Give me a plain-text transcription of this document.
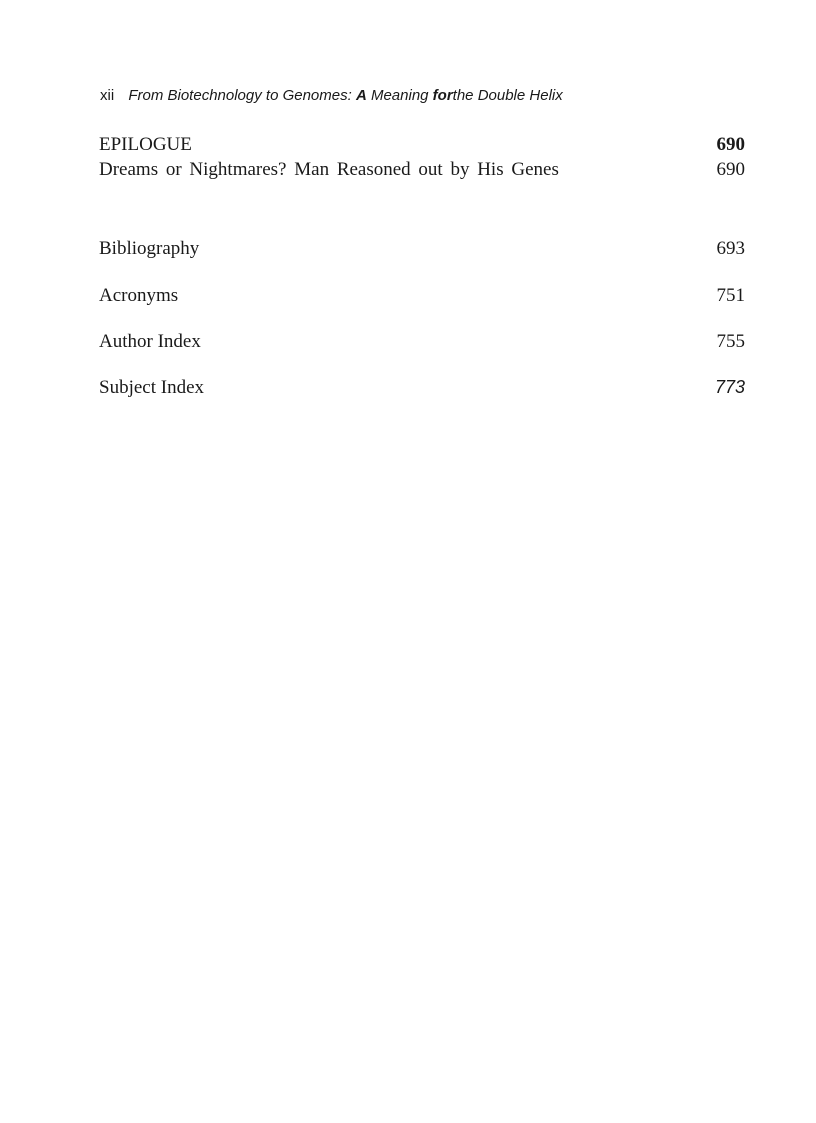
xii From Biotechnology to Genomes: A Meaning forthe Double Helix
EPILOGUE	690
Dreams or Nightmares? Man Reasoned out by His Genes	690
Bibliography	693
Acronyms	751
Author Index	755
Subject Index	773
